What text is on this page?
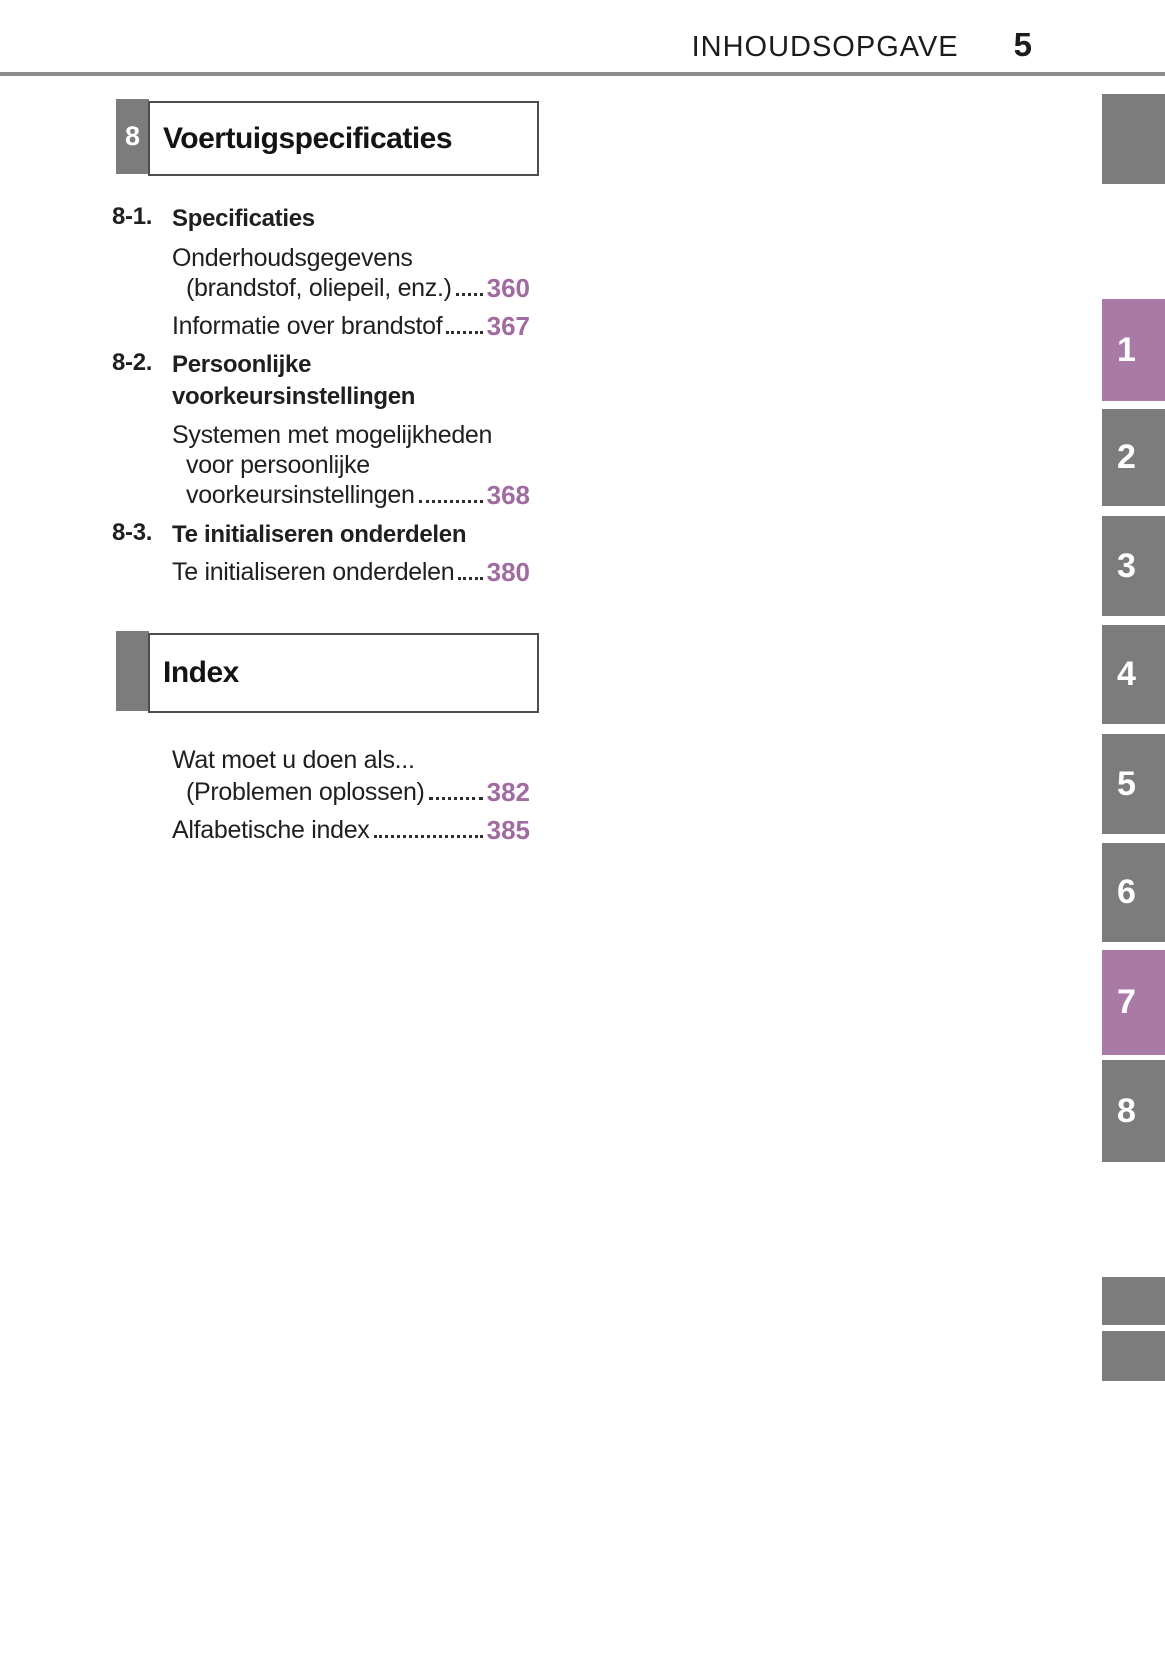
INHOUDSOPGAVE 5
8 Voertuigspecificaties
8-1. Specificaties
Onderhoudsgegevens
(brandstof, oliepeil, enz.) 360
Informatie over brandstof 367
8-2. Persoonlijke voorkeursinstellingen
Systemen met mogelijkheden
voor persoonlijke
voorkeursinstellingen	368
8-3. Te initialiseren onderdelen
Te initialiseren onderdelen 380
Index
Wat moet u doen als...
(Problemen oplossen) 382
Alfabetische index	385
1
2
3
4
5
6
7
8
